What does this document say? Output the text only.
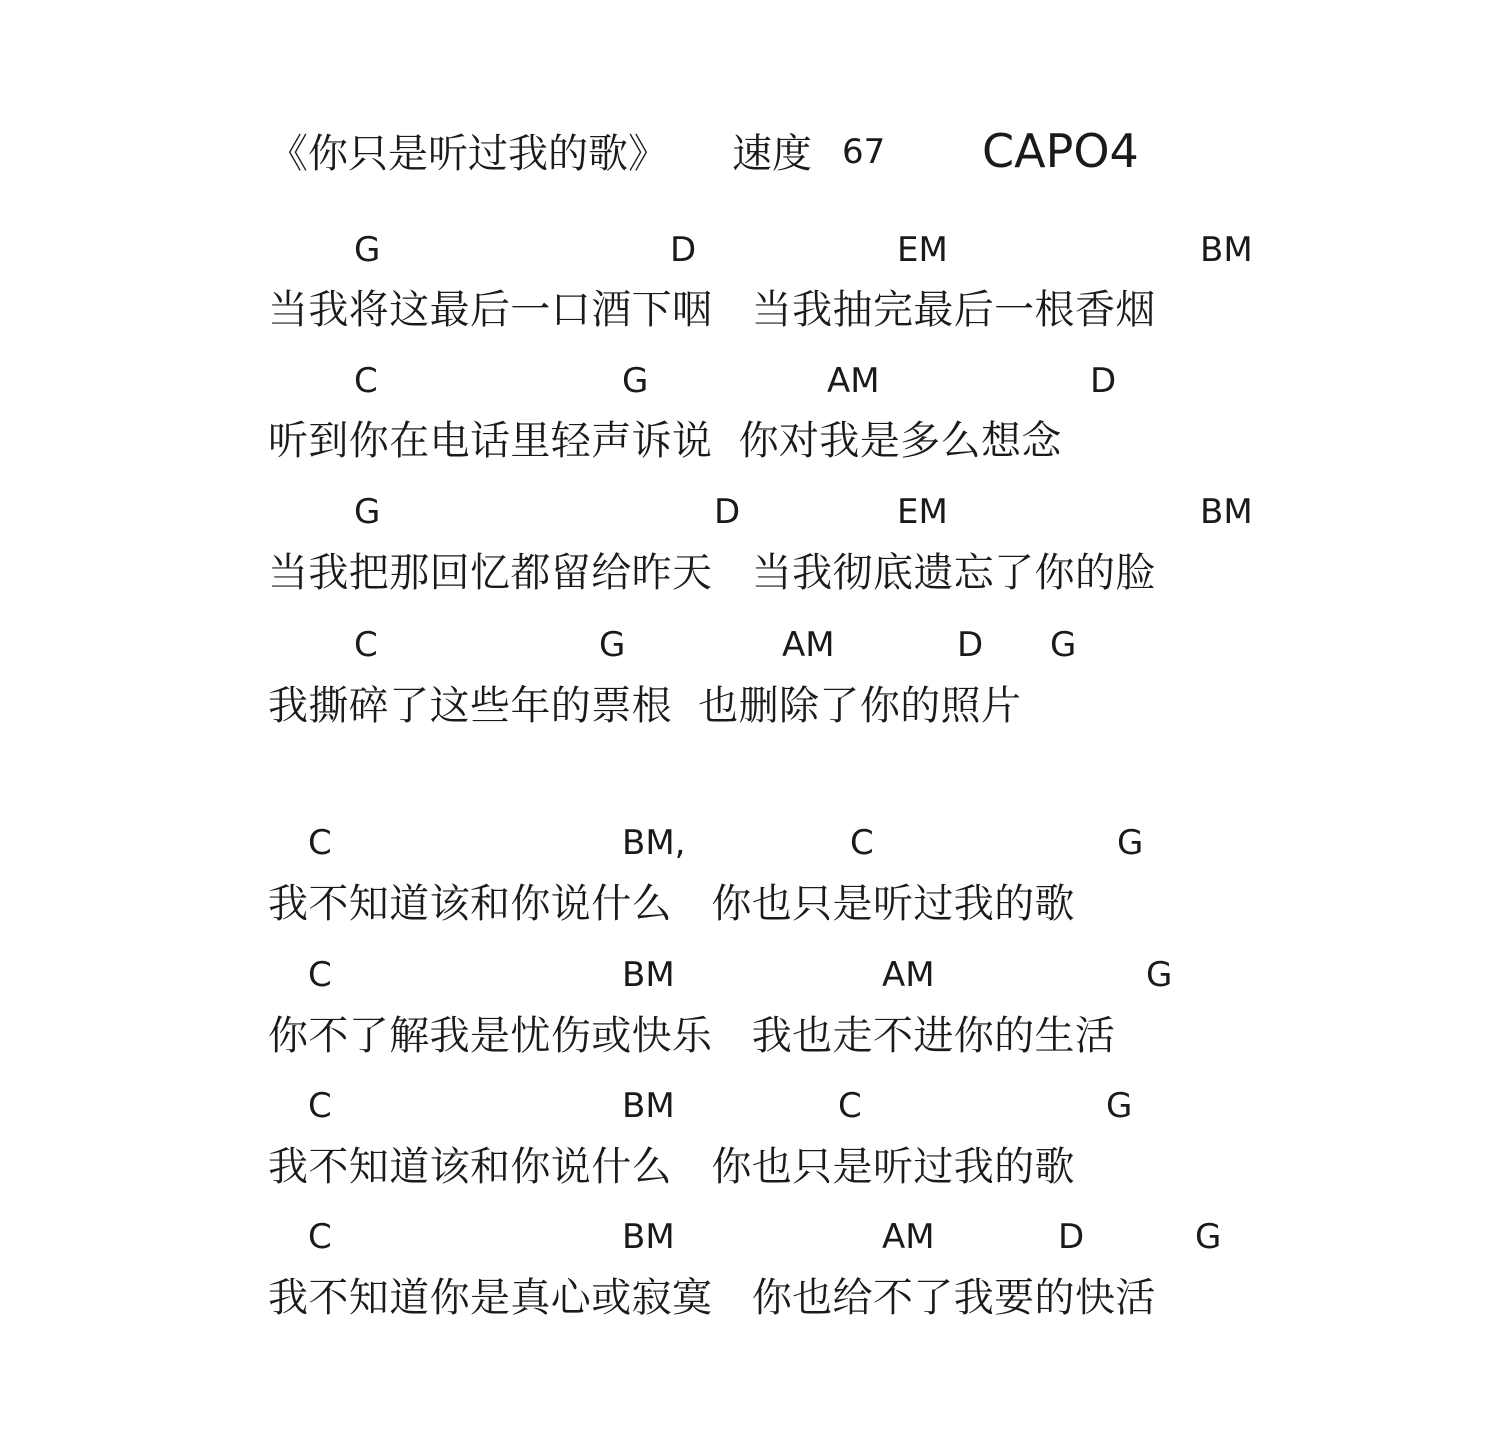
《你只是听过我的歌》 速度 67 CAPO4
G	D	EM	BM
当我将这最后一口酒下咽   当我抽完最后一根香烟
C	G	AM	D
听到你在电话里轻声诉说  你对我是多么想念
G	D	EM	BM
当我把那回忆都留给昨天   当我彻底遗忘了你的脸
C	G	AM	D G
我撕碎了这些年的票根  也删除了你的照片
C	BM,	C	G
我不知道该和你说什么   你也只是听过我的歌
C	BM	AM	G
你不了解我是忧伤或快乐   我也走不进你的生活
C	BM	C	G
我不知道该和你说什么   你也只是听过我的歌
C	BM	AM	D	G
我不知道你是真心或寂寞   你也给不了我要的快活
